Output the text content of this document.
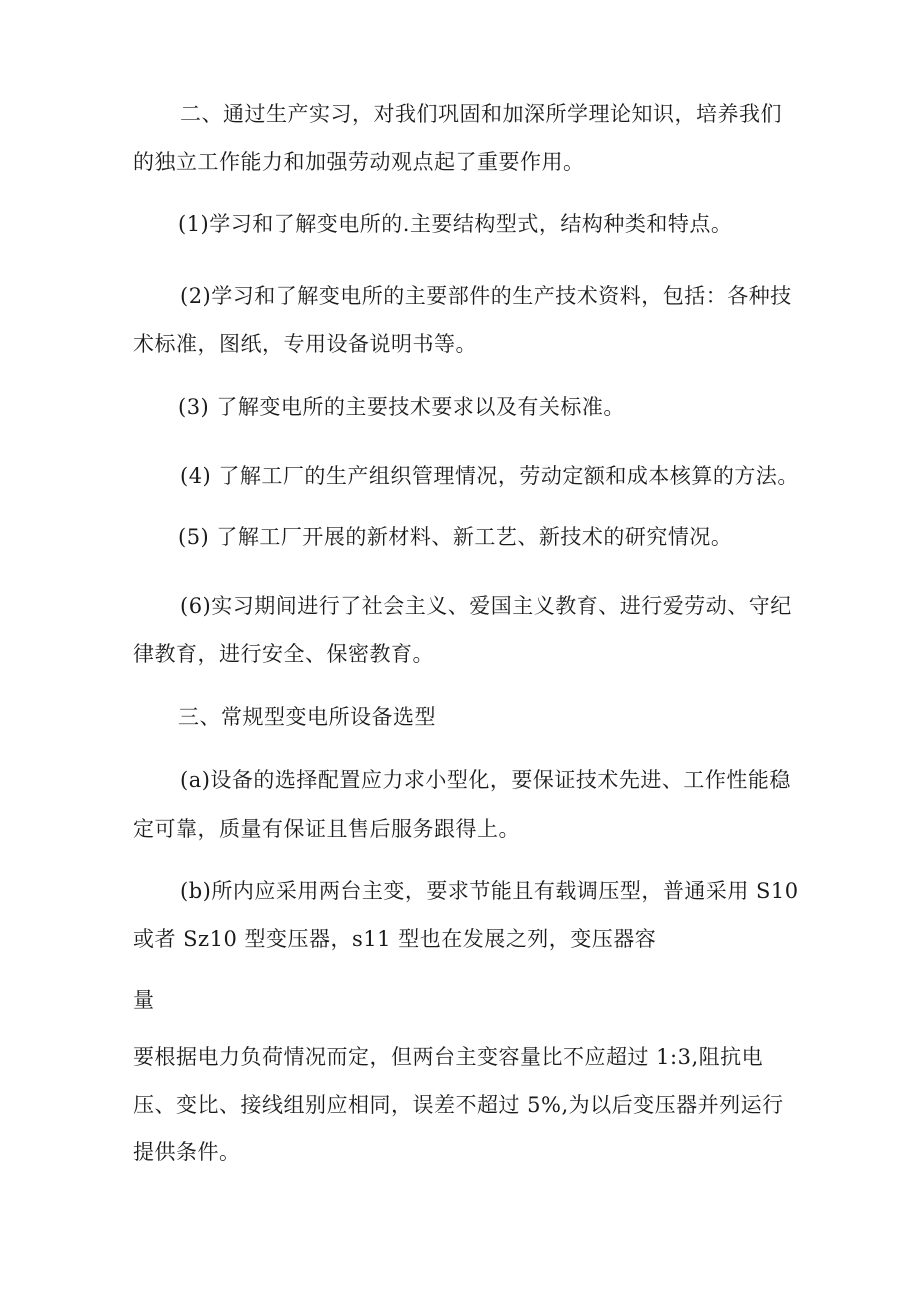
二、通过生产实习，对我们巩固和加深所学理论知识，培养我们
的独立工作能力和加强劳动观点起了重要作用。
(1)学习和了解变电所的.主要结构型式，结构种类和特点。
(2)学习和了解变电所的主要部件的生产技术资料，包括：各种技
术标准，图纸，专用设备说明书等。
(3) 了解变电所的主要技术要求以及有关标准。
(4) 了解工厂的生产组织管理情况，劳动定额和成本核算的方法。
(5) 了解工厂开展的新材料、新工艺、新技术的研究情况。
(6)实习期间进行了社会主义、爱国主义教育、进行爱劳动、守纪
律教育，进行安全、保密教育。
三、常规型变电所设备选型
(a)设备的选择配置应力求小型化，要保证技术先进、工作性能稳
定可靠，质量有保证且售后服务跟得上。
(b)所内应采用两台主变，要求节能且有载调压型，普通采用 S10
或者 Sz10 型变压器，s11 型也在发展之列，变压器容
量
要根据电力负荷情况而定，但两台主变容量比不应超过 1:3,阻抗电
压、变比、接线组别应相同，误差不超过 5%,为以后变压器并列运行
提供条件。
